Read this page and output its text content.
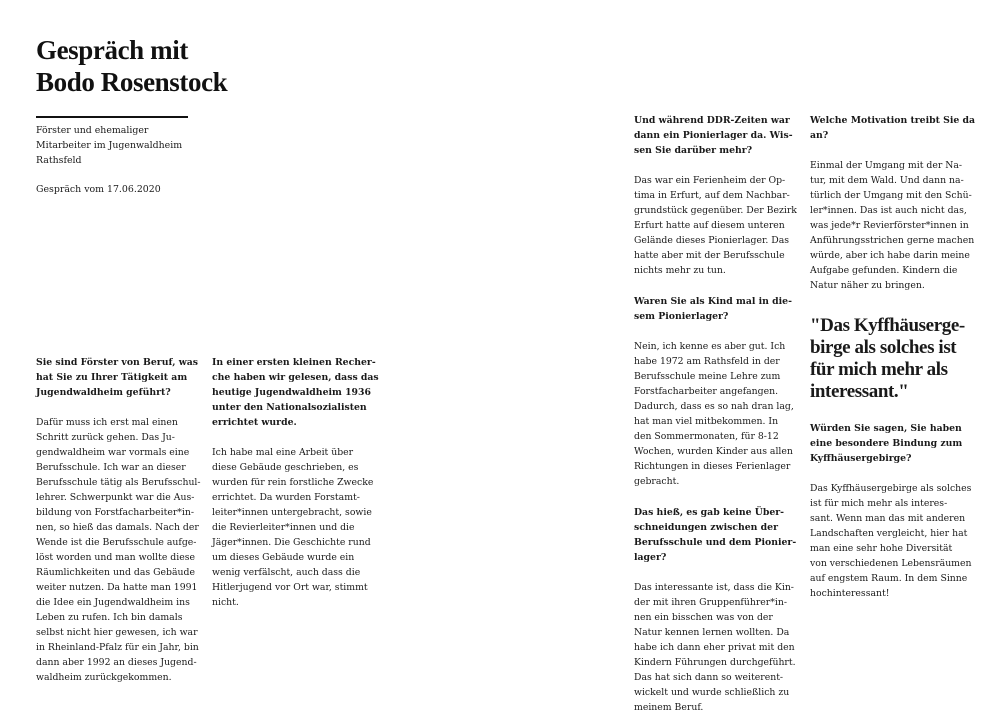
Gespräch mit
Bodo Rosenstock
Förster und ehemaliger
Mitarbeiter im Jugenwaldheim
Rathsfeld
Gespräch vom 17.06.2020
Sie sind Förster von Beruf, was
hat Sie zu Ihrer Tätigkeit am
Jugendwaldheim geführt?
Dafür muss ich erst mal einen
Schritt zurück gehen. Das Ju-
gendwaldheim war vormals eine
Berufsschule. Ich war an dieser
Berufsschule tätig als Berufsschul-
lehrer. Schwerpunkt war die Aus-
bildung von Forstfacharbeiter*in-
nen, so hieß das damals. Nach der
Wende ist die Berufsschule aufge-
löst worden und man wollte diese
Räumlichkeiten und das Gebäude
weiter nutzen. Da hatte man 1991
die Idee ein Jugendwaldheim ins
Leben zu rufen. Ich bin damals
selbst nicht hier gewesen, ich war
in Rheinland-Pfalz für ein Jahr, bin
dann aber 1992 an dieses Jugend-
waldheim zurückgekommen.
In einer ersten kleinen Recher-
che haben wir gelesen, dass das
heutige Jugendwaldheim 1936
unter den Nationalsozialisten
errichtet wurde.
Ich habe mal eine Arbeit über
diese Gebäude geschrieben, es
wurden für rein forstliche Zwecke
errichtet. Da wurden Forstamt-
leiter*innen untergebracht, sowie
die Revierleiter*innen und die
Jäger*innen. Die Geschichte rund
um dieses Gebäude wurde ein
wenig verfälscht, auch dass die
Hitlerjugend vor Ort war, stimmt
nicht.
Und während DDR-Zeiten war
dann ein Pionierlager da. Wis-
sen Sie darüber mehr?
Das war ein Ferienheim der Op-
tima in Erfurt, auf dem Nachbar-
grundstück gegenüber. Der Bezirk
Erfurt hatte auf diesem unteren
Gelände dieses Pionierlager. Das
hatte aber mit der Berufsschule
nichts mehr zu tun.
Waren Sie als Kind mal in die-
sem Pionierlager?
Nein, ich kenne es aber gut. Ich
habe 1972 am Rathsfeld in der
Berufsschule meine Lehre zum
Forstfacharbeiter angefangen.
Dadurch, dass es so nah dran lag,
hat man viel mitbekommen. In
den Sommermonaten, für 8-12
Wochen, wurden Kinder aus allen
Richtungen in dieses Ferienlager
gebracht.
Das hieß, es gab keine Über-
schneidungen zwischen der
Berufsschule und dem Pionier-
lager?
Das interessante ist, dass die Kin-
der mit ihren Gruppenführer*in-
nen ein bisschen was von der
Natur kennen lernen wollten. Da
habe ich dann eher privat mit den
Kindern Führungen durchgeführt.
Das hat sich dann so weiterent-
wickelt und wurde schließlich zu
meinem Beruf.
Welche Motivation treibt Sie da
an?
Einmal der Umgang mit der Na-
tur, mit dem Wald. Und dann na-
türlich der Umgang mit den Schü-
ler*innen. Das ist auch nicht das,
was jede*r Revierförster*innen in
Anführungsstrichen gerne machen
würde, aber ich habe darin meine
Aufgabe gefunden. Kindern die
Natur näher zu bringen.
"Das Kyffhäuserge-
birge als solches ist
für mich mehr als
interessant."
Würden Sie sagen, Sie haben
eine besondere Bindung zum
Kyffhäusergebirge?
Das Kyffhäusergebirge als solches
ist für mich mehr als interes-
sant. Wenn man das mit anderen
Landschaften vergleicht, hier hat
man eine sehr hohe Diversität
von verschiedenen Lebensräumen
auf engstem Raum. In dem Sinne
hochinteressant!
